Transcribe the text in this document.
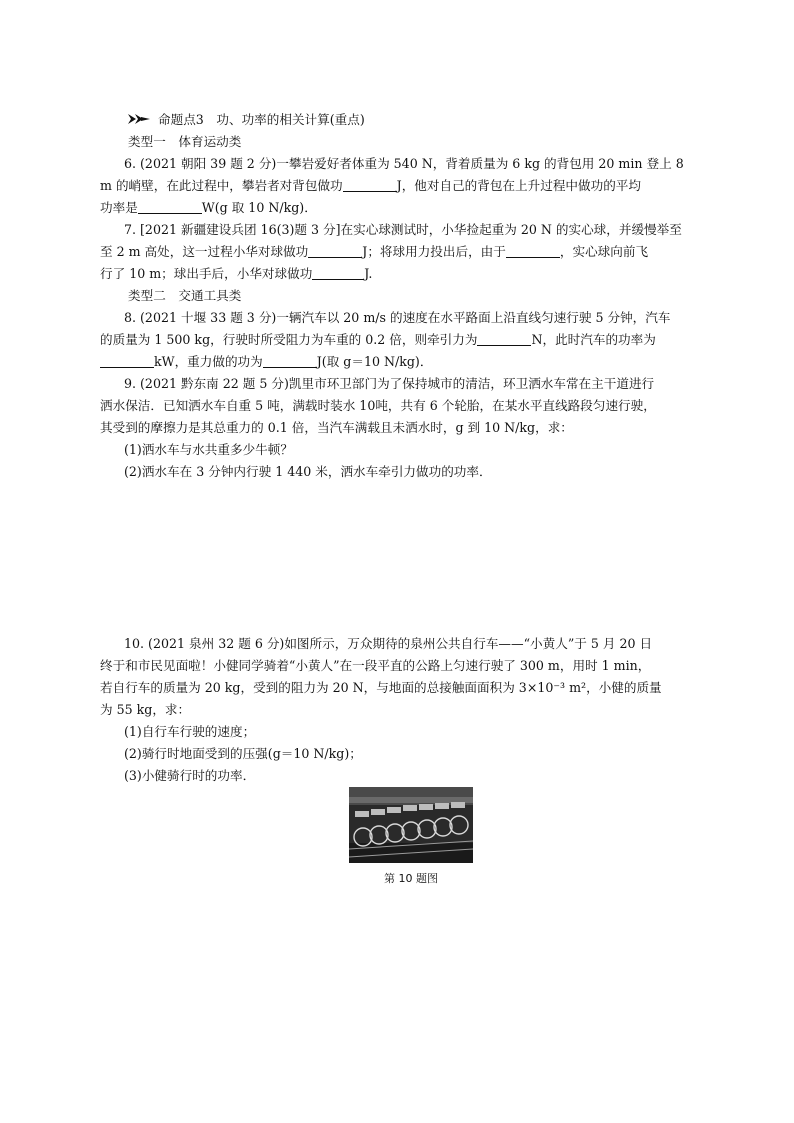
命题点3　功、功率的相关计算(重点)
类型一　体育运动类
6. (2021 朝阳 39 题 2 分)一攀岩爱好者体重为 540 N，背着质量为 6 kg 的背包用 20 min 登上 8
m 的峭壁，在此过程中，攀岩者对背包做功	J，他对自己的背包在上升过程中做功的平均
功率是	W(g 取 10 N/kg)．
7. [2021 新疆建设兵团 16(3)题 3 分]在实心球测试时，小华捡起重为 20 N 的实心球，并缓慢举至
至 2 m 高处，这一过程小华对球做功	J；将球用力投出后，由于	，实心球向前飞
行了 10 m；球出手后，小华对球做功	J.
类型二　交通工具类
8. (2021 十堰 33 题 3 分)一辆汽车以 20 m/s 的速度在水平路面上沿直线匀速行驶 5 分钟，汽车
的质量为 1 500 kg，行驶时所受阻力为车重的 0.2 倍，则牵引力为	N，此时汽车的功率为
kW，重力做的功为	J(取 g＝10 N/kg)．
9. (2021 黔东南 22 题 5 分)凯里市环卫部门为了保持城市的清洁，环卫洒水车常在主干道进行
洒水保洁．已知洒水车自重 5 吨，满载时装水 10吨，共有 6 个轮胎，在某水平直线路段匀速行驶，
其受到的摩擦力是其总重力的 0.1 倍，当汽车满载且未洒水时，g 到 10 N/kg，求：
(1)洒水车与水共重多少牛顿？
(2)洒水车在 3 分钟内行驶 1 440 米，洒水车牵引力做功的功率．
10. (2021 泉州 32 题 6 分)如图所示，万众期待的泉州公共自行车——“小黄人”于 5 月 20 日
终于和市民见面啦！小健同学骑着“小黄人”在一段平直的公路上匀速行驶了 300 m，用时 1 min，
若自行车的质量为 20 kg，受到的阻力为 20 N，与地面的总接触面面积为 3×10⁻³ m²，小健的质量
为 55 kg，求：
(1)自行车行驶的速度；
(2)骑行时地面受到的压强(g＝10 N/kg)；
(3)小健骑行时的功率．
第 10 题图
